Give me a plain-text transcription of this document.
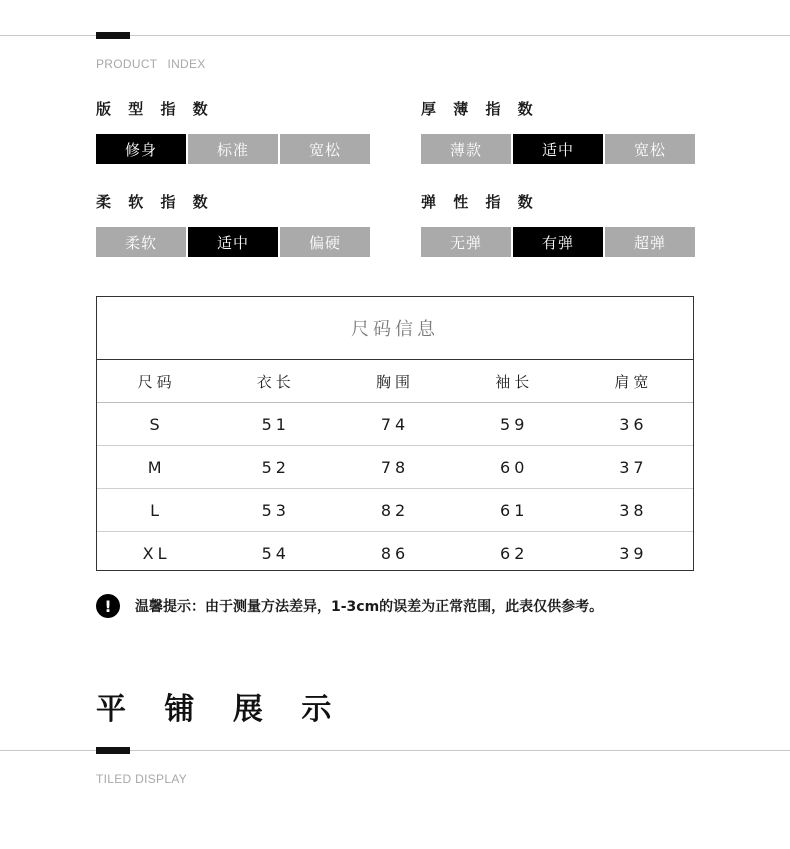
PRODUCT INDEX
版 型 指 数
修身	标准	宽松
厚 薄 指 数
薄款	适中	宽松
柔 软 指 数
柔软	适中	偏硬
弹 性 指 数
无弹	有弹	超弹
尺码信息
尺码	衣长	胸围	袖长	肩宽
S	51	74	59	36
M	52	78	60	37
L	53	82	61	38
XL	54	86	62	39
!	温馨提示：由于测量方法差异，1-3cm的误差为正常范围，此表仅供参考。
平 铺 展 示
TILED DISPLAY
